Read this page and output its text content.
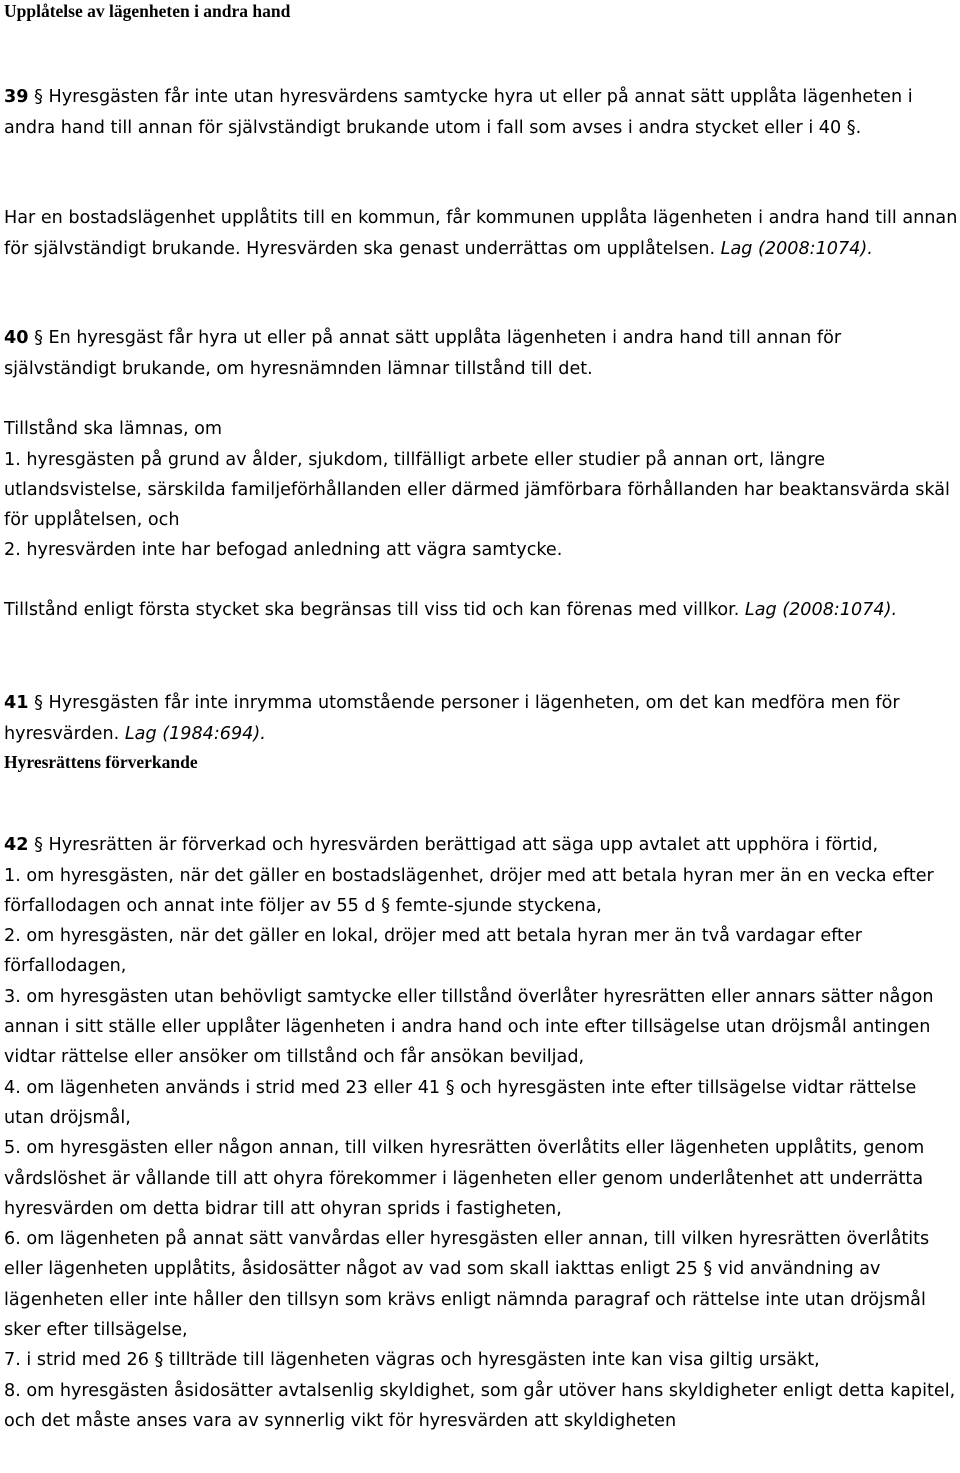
Upplåtelse av lägenheten i andra hand

39 § Hyresgästen får inte utan hyresvärdens samtycke hyra ut eller på annat sätt upplåta lägenheten i andra hand till annan för självständigt brukande utom i fall som avses i andra stycket eller i 40 §.

Har en bostadslägenhet upplåtits till en kommun, får kommunen upplåta lägenheten i andra hand till annan för självständigt brukande. Hyresvärden ska genast underrättas om upplåtelsen. Lag (2008:1074).

40 § En hyresgäst får hyra ut eller på annat sätt upplåta lägenheten i andra hand till annan för självständigt brukande, om hyresnämnden lämnar tillstånd till det.

Tillstånd ska lämnas, om
1. hyresgästen på grund av ålder, sjukdom, tillfälligt arbete eller studier på annan ort, längre utlandsvistelse, särskilda familjeförhållanden eller därmed jämförbara förhållanden har beaktansvärda skäl för upplåtelsen, och
2. hyresvärden inte har befogad anledning att vägra samtycke.

Tillstånd enligt första stycket ska begränsas till viss tid och kan förenas med villkor. Lag (2008:1074).

41 § Hyresgästen får inte inrymma utomstående personer i lägenheten, om det kan medföra men för hyresvärden. Lag (1984:694).

Hyresrättens förverkande

42 § Hyresrätten är förverkad och hyresvärden berättigad att säga upp avtalet att upphöra i förtid,
1. om hyresgästen, när det gäller en bostadslägenhet, dröjer med att betala hyran mer än en vecka efter förfallodagen och annat inte följer av 55 d § femte-sjunde styckena,
2. om hyresgästen, när det gäller en lokal, dröjer med att betala hyran mer än två vardagar efter förfallodagen,
3. om hyresgästen utan behövligt samtycke eller tillstånd överlåter hyresrätten eller annars sätter någon annan i sitt ställe eller upplåter lägenheten i andra hand och inte efter tillsägelse utan dröjsmål antingen vidtar rättelse eller ansöker om tillstånd och får ansökan beviljad,
4. om lägenheten används i strid med 23 eller 41 § och hyresgästen inte efter tillsägelse vidtar rättelse utan dröjsmål,
5. om hyresgästen eller någon annan, till vilken hyresrätten överlåtits eller lägenheten upplåtits, genom vårdslöshet är vållande till att ohyra förekommer i lägenheten eller genom underlåtenhet att underrätta hyresvärden om detta bidrar till att ohyran sprids i fastigheten,
6. om lägenheten på annat sätt vanvårdas eller hyresgästen eller annan, till vilken hyresrätten överlåtits eller lägenheten upplåtits, åsidosätter något av vad som skall iakttas enligt 25 § vid användning av lägenheten eller inte håller den tillsyn som krävs enligt nämnda paragraf och rättelse inte utan dröjsmål sker efter tillsägelse,
7. i strid med 26 § tillträde till lägenheten vägras och hyresgästen inte kan visa giltig ursäkt,
8. om hyresgästen åsidosätter avtalsenlig skyldighet, som går utöver hans skyldigheter enligt detta kapitel, och det måste anses vara av synnerlig vikt för hyresvärden att skyldigheten
